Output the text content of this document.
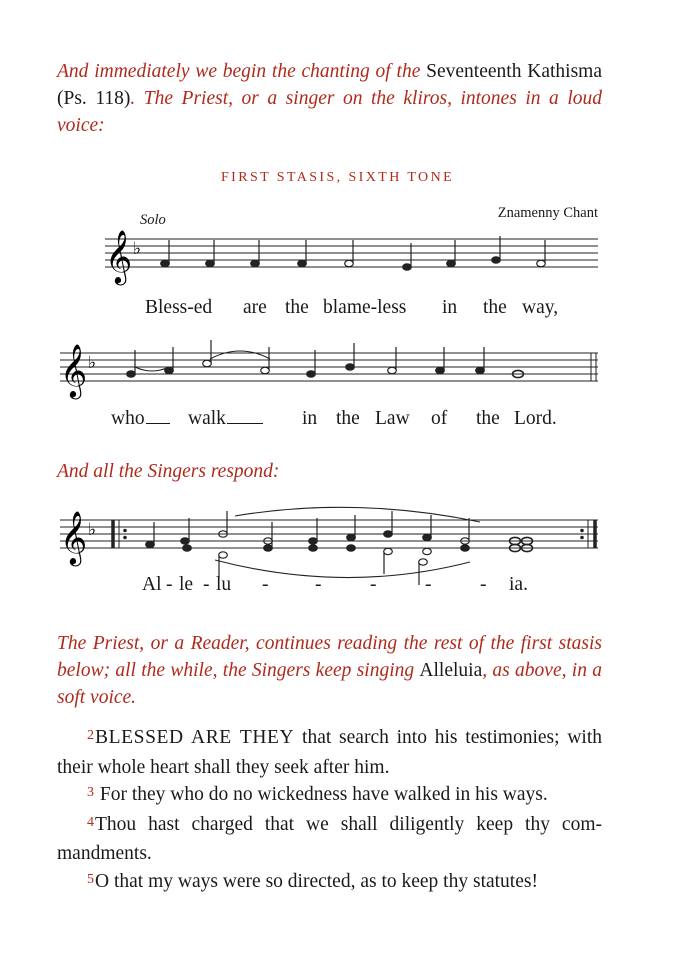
And immediately we begin the chanting of the Seventeenth Kathisma (Ps. 118). The Priest, or a singer on the kliros, intones in a loud voice:
FIRST STASIS, SIXTH TONE
Solo	Znamenny Chant
𝄞 ♭
Bless-ed are the blame-less in the way,
𝄞 ♭
who	walk	in the Law of the Lord.
And all the Singers respond:
𝄞 ♭
Al - le - lu - - - - - ia.
The Priest, or a Reader, continues reading the rest of the first stasis below; all the while, the Singers keep singing Alleluia, as above, in a soft voice.

$^2$BLESSED ARE THEY that search into his testimonies; with their whole heart shall they seek after him.

$^3$ For they who do no wickedness have walked in his ways.

$^4$Thou hast charged that we shall diligently keep thy com-mandments.

$^5$O that my ways were so directed, as to keep thy statutes!
